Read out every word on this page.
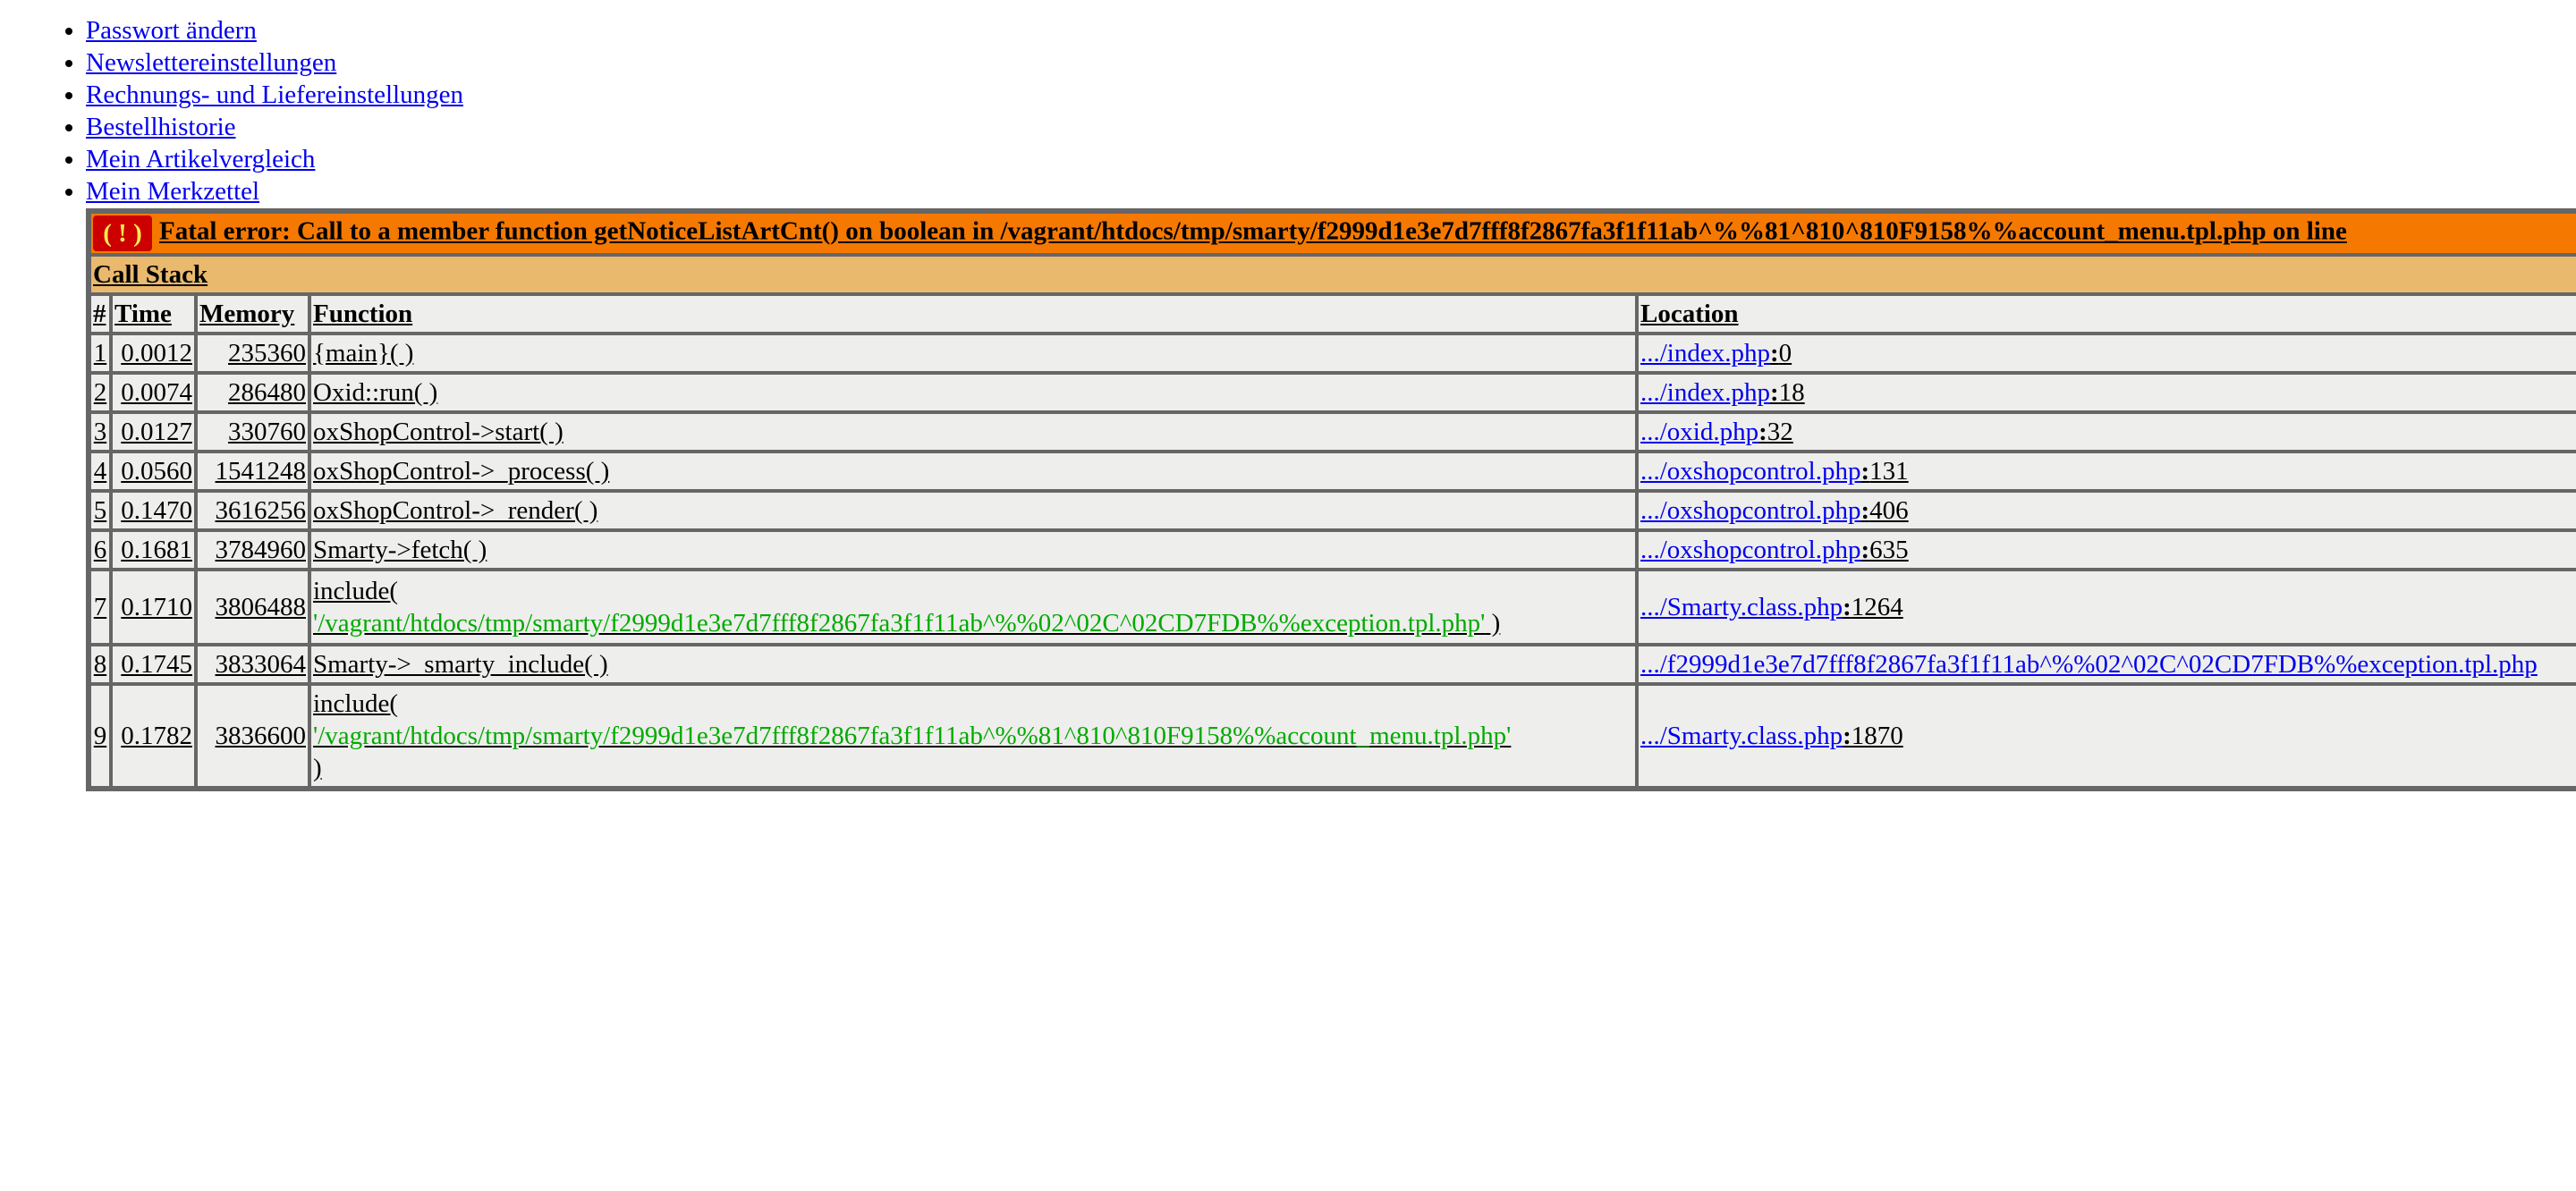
• Passwort ändern
• Newslettereinstellungen
• Rechnungs- und Liefereinstellungen
• Bestellhistorie
• Mein Artikelvergleich
• Mein Merkzettel
( ! ) Fatal error: Call to a member function getNoticeListArtCnt() on boolean in /vagrant/htdocs/tmp/smarty/f2999d1e3e7d7fff8f2867fa3f1f11ab^%%81^810^810F9158%%account_menu.tpl.php on line				
Call Stack				
#	Time	Memory	Function	Location
1	0.0012	235360	{main}( )	.../index.php:0
2	0.0074	286480	Oxid::run( )	.../index.php:18
3	0.0127	330760	oxShopControl->start( )	.../oxid.php:32
4	0.0560	1541248	oxShopControl->_process( )	.../oxshopcontrol.php:131
5	0.1470	3616256	oxShopControl->_render( )	.../oxshopcontrol.php:406
6	0.1681	3784960	Smarty->fetch( )	.../oxshopcontrol.php:635
7	0.1710	3806488	include(
'/vagrant/htdocs/tmp/smarty/f2999d1e3e7d7fff8f2867fa3f1f11ab^%%02^02C^02CD7FDB%%exception.tpl.php' )	.../Smarty.class.php:1264
8	0.1745	3833064	Smarty->_smarty_include( )	.../f2999d1e3e7d7fff8f2867fa3f1f11ab^%%02^02C^02CD7FDB%%exception.tpl.php
9	0.1782	3836600	include(
'/vagrant/htdocs/tmp/smarty/f2999d1e3e7d7fff8f2867fa3f1f11ab^%%81^810^810F9158%%account_menu.tpl.php'
)	.../Smarty.class.php:1870
